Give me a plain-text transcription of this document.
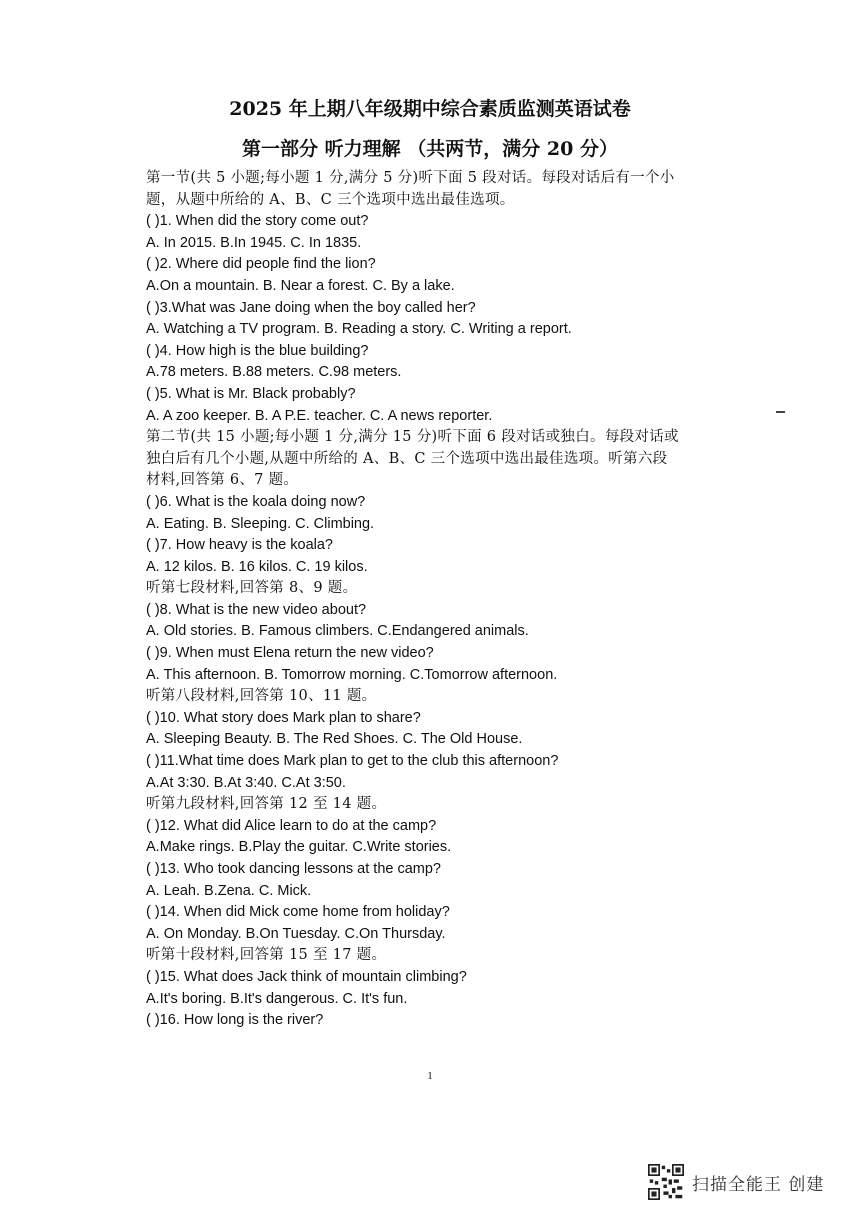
2025 年上期八年级期中综合素质监测英语试卷
第一部分 听力理解 （共两节，满分 20 分）
第一节(共 5 小题;每小题 1 分,满分 5 分)听下面 5 段对话。每段对话后有一个小
题，从题中所给的 A、B、C 三个选项中选出最佳选项。
( )1. When did the story come out?
A. In 2015. B.In 1945. C. In 1835.
( )2. Where did people find the lion?
A.On a mountain. B. Near a forest. C. By a lake.
( )3.What was Jane doing when the boy called her?
A. Watching a TV program. B. Reading a story. C. Writing a report.
( )4. How high is the blue building?
A.78 meters. B.88 meters. C.98 meters.
( )5. What is Mr. Black probably?
A. A zoo keeper. B. A P.E. teacher. C. A news reporter.
第二节(共 15 小题;每小题 1 分,满分 15 分)听下面 6 段对话或独白。每段对话或
独白后有几个小题,从题中所给的 A、B、C 三个选项中选出最佳选项。听第六段
材料,回答第 6、7 题。
( )6. What is the koala doing now?
A. Eating. B. Sleeping. C. Climbing.
( )7. How heavy is the koala?
A. 12 kilos. B. 16 kilos. C. 19 kilos.
听第七段材料,回答第 8、9 题。
( )8. What is the new video about?
A. Old stories. B. Famous climbers. C.Endangered animals.
( )9. When must Elena return the new video?
A. This afternoon. B. Tomorrow morning. C.Tomorrow afternoon.
听第八段材料,回答第 10、11 题。
( )10. What story does Mark plan to share?
A. Sleeping Beauty. B. The Red Shoes. C. The Old House.
( )11.What time does Mark plan to get to the club this afternoon?
A.At 3:30. B.At 3:40. C.At 3:50.
听第九段材料,回答第 12 至 14 题。
( )12. What did Alice learn to do at the camp?
A.Make rings. B.Play the guitar. C.Write stories.
( )13. Who took dancing lessons at the camp?
A. Leah. B.Zena. C. Mick.
( )14. When did Mick come home from holiday?
A. On Monday. B.On Tuesday. C.On Thursday.
听第十段材料,回答第 15 至 17 题。
( )15. What does Jack think of mountain climbing?
A.It's boring. B.It's dangerous. C. It's fun.
( )16. How long is the river?
1
扫描全能王 创建
